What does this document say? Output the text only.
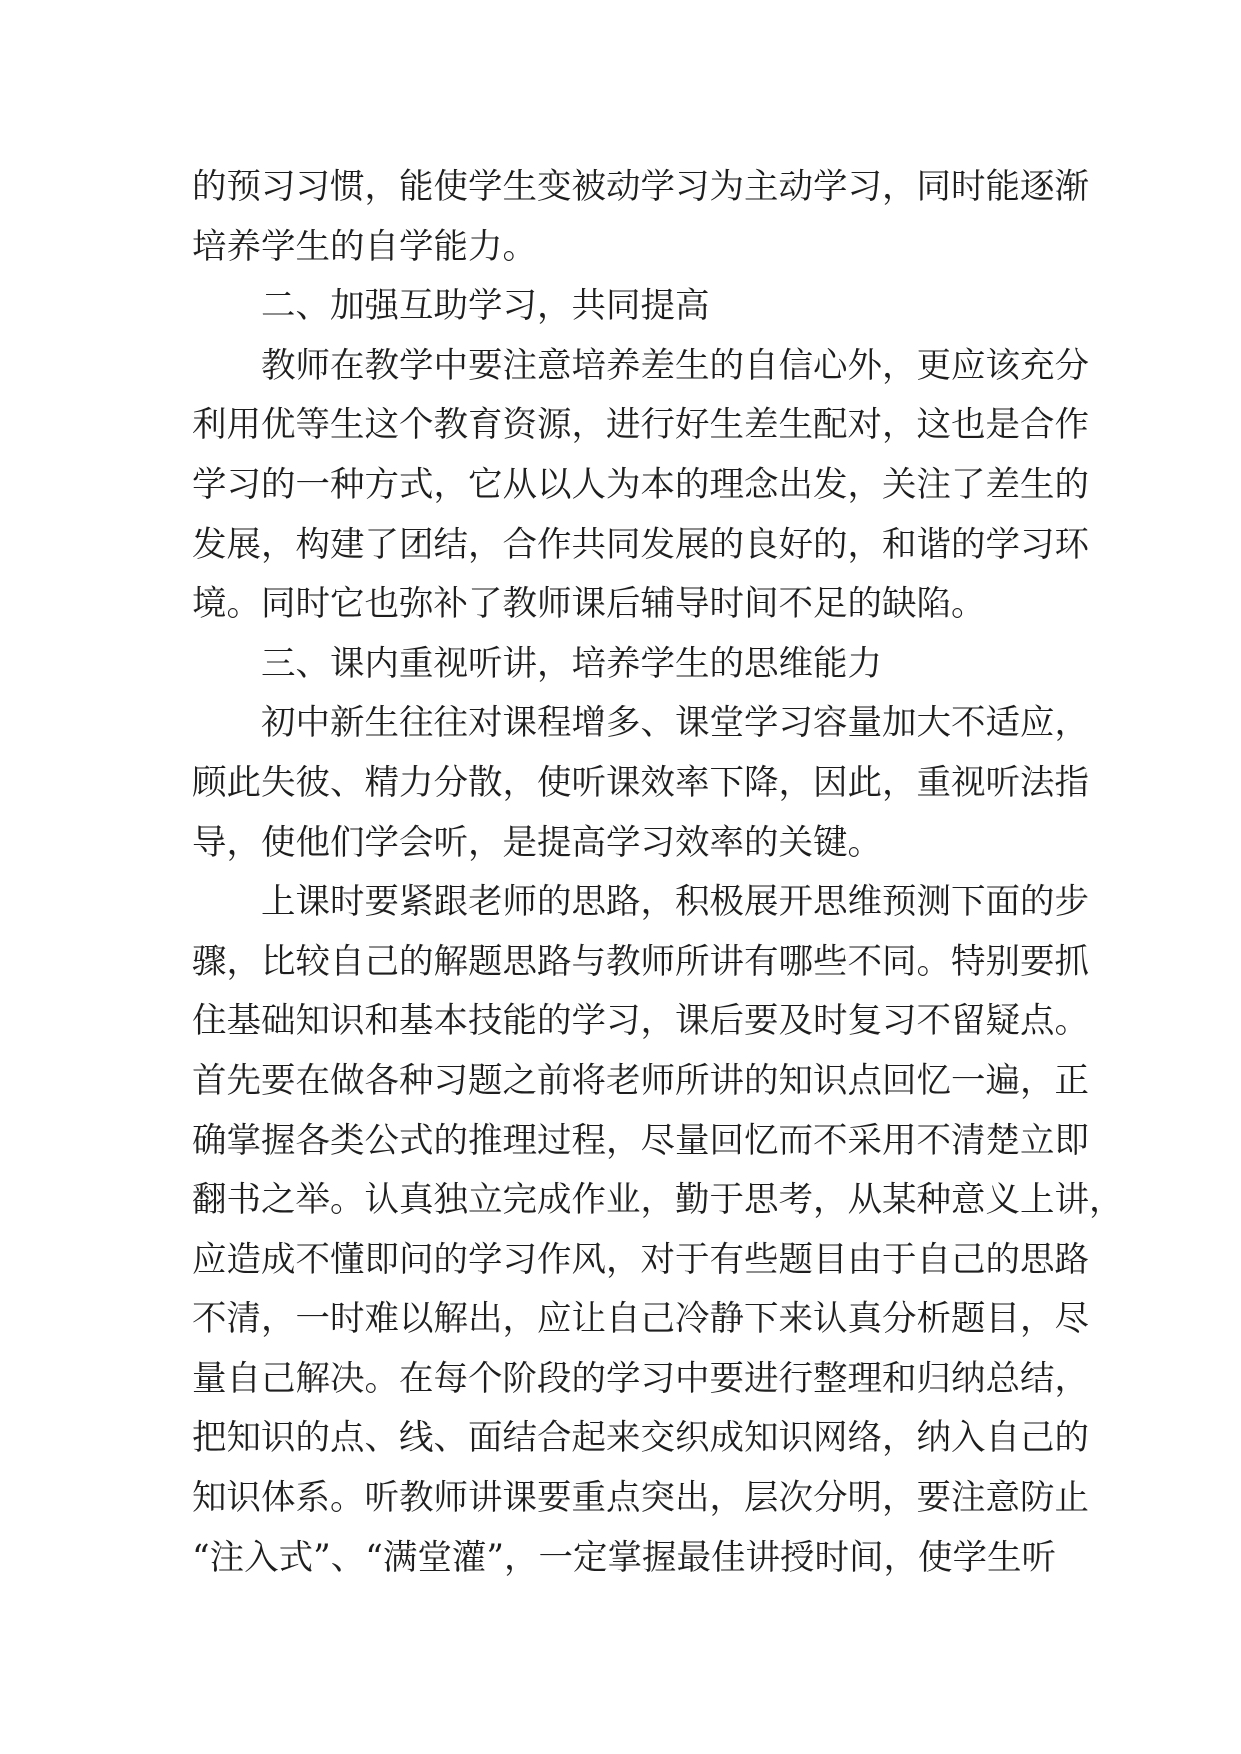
的预习习惯，能使学生变被动学习为主动学习，同时能逐渐
培养学生的自学能力。

二、加强互助学习，共同提高

教师在教学中要注意培养差生的自信心外，更应该充分
利用优等生这个教育资源，进行好生差生配对，这也是合作
学习的一种方式，它从以人为本的理念出发，关注了差生的
发展，构建了团结，合作共同发展的良好的，和谐的学习环
境。同时它也弥补了教师课后辅导时间不足的缺陷。

三、课内重视听讲，培养学生的思维能力

初中新生往往对课程增多、课堂学习容量加大不适应，
顾此失彼、精力分散，使听课效率下降，因此，重视听法指
导，使他们学会听，是提高学习效率的关键。

上课时要紧跟老师的思路，积极展开思维预测下面的步
骤，比较自己的解题思路与教师所讲有哪些不同。特别要抓
住基础知识和基本技能的学习，课后要及时复习不留疑点。
首先要在做各种习题之前将老师所讲的知识点回忆一遍，正
确掌握各类公式的推理过程，尽量回忆而不采用不清楚立即
翻书之举。认真独立完成作业，勤于思考，从某种意义上讲，
应造成不懂即问的学习作风，对于有些题目由于自己的思路
不清，一时难以解出，应让自己冷静下来认真分析题目，尽
量自己解决。在每个阶段的学习中要进行整理和归纳总结，
把知识的点、线、面结合起来交织成知识网络，纳入自己的
知识体系。听教师讲课要重点突出，层次分明，要注意防止
“注入式”、“满堂灌”，一定掌握最佳讲授时间，使学生听
